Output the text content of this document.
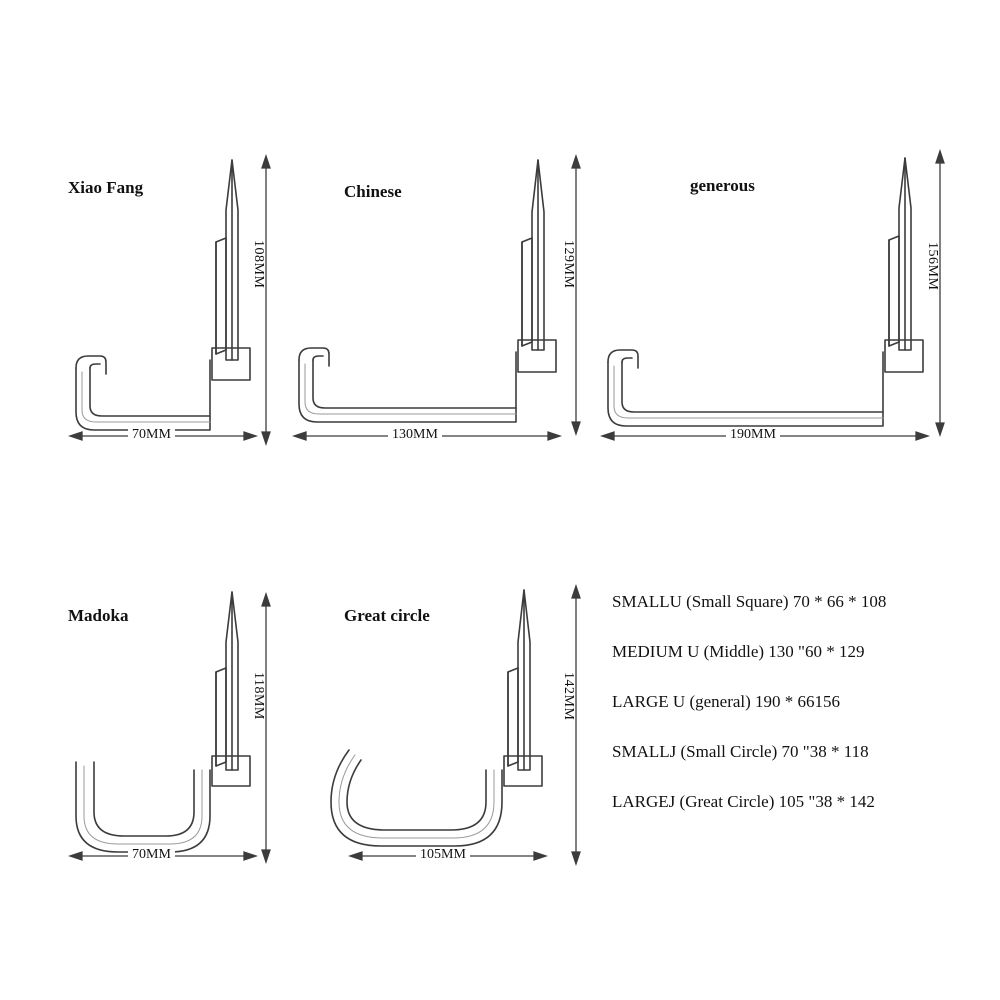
Xiao Fang
108MM
70MM
Chinese
129MM
130MM
generous
156MM
190MM
Madoka
118MM
70MM
Great circle
142MM
105MM
SMALLU (Small Square) 70 * 66 * 108
MEDIUM U (Middle) 130 "60 * 129
LARGE U (general) 190 * 66156
SMALLJ (Small Circle) 70 "38 * 118
LARGEJ (Great Circle) 105 "38 * 142
